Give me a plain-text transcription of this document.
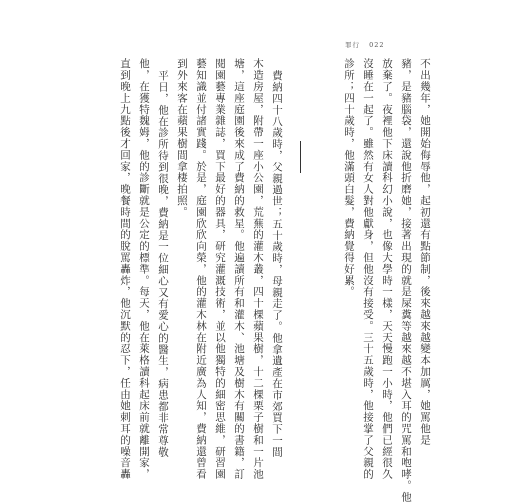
罪行 022
不出幾年，她開始侮辱他，起初還有點節制，後來越來越變本加厲，她罵他是
豬，是豬腦袋，還說他折磨她，接著出現的就是屎糞等越來越不堪入耳的咒罵和咆哮。他
放棄了。夜裡他下床讀科幻小說，也像大學時一樣，天天慢跑一小時，他們已經很久
沒睡在一起了。雖然有女人對他獻身，但他沒有接受。三十五歲時，他接掌了父親的
診所；四十歲時，他滿頭白髮，費納覺得好累。
費納四十八歲時，父親過世；五十歲時，母親走了。他拿遺產在市郊買下一間
木造房屋，附帶一座小公園，荒蕪的灌木叢，四十棵蘋果樹，十二棵栗子樹和一片池
塘，這座庭園後來成了費納的救星。他遍讀所有和灌木、池塘及樹木有關的書籍，訂
閱園藝專業雜誌，買下最好的器具，研究灌溉技術，並以他獨特的細密思維，研習園
藝知識並付諸實踐。於是，庭園欣欣向榮，他的灌木林在附近廣為人知，費納還曾看
到外來客在蘋果樹間拿棲拍照。
平日，他在診所待到很晚，費納是一位細心又有愛心的醫生，病患都非常尊敬
他，在獲特魏姆，他的診斷就是公定的標準。每天，他在萊格讀科起床前就離開家，
直到晚上九點後才回家，晚餐時間的脫罵轟炸，他沉默的忍下，任由她刺耳的噪音轟
